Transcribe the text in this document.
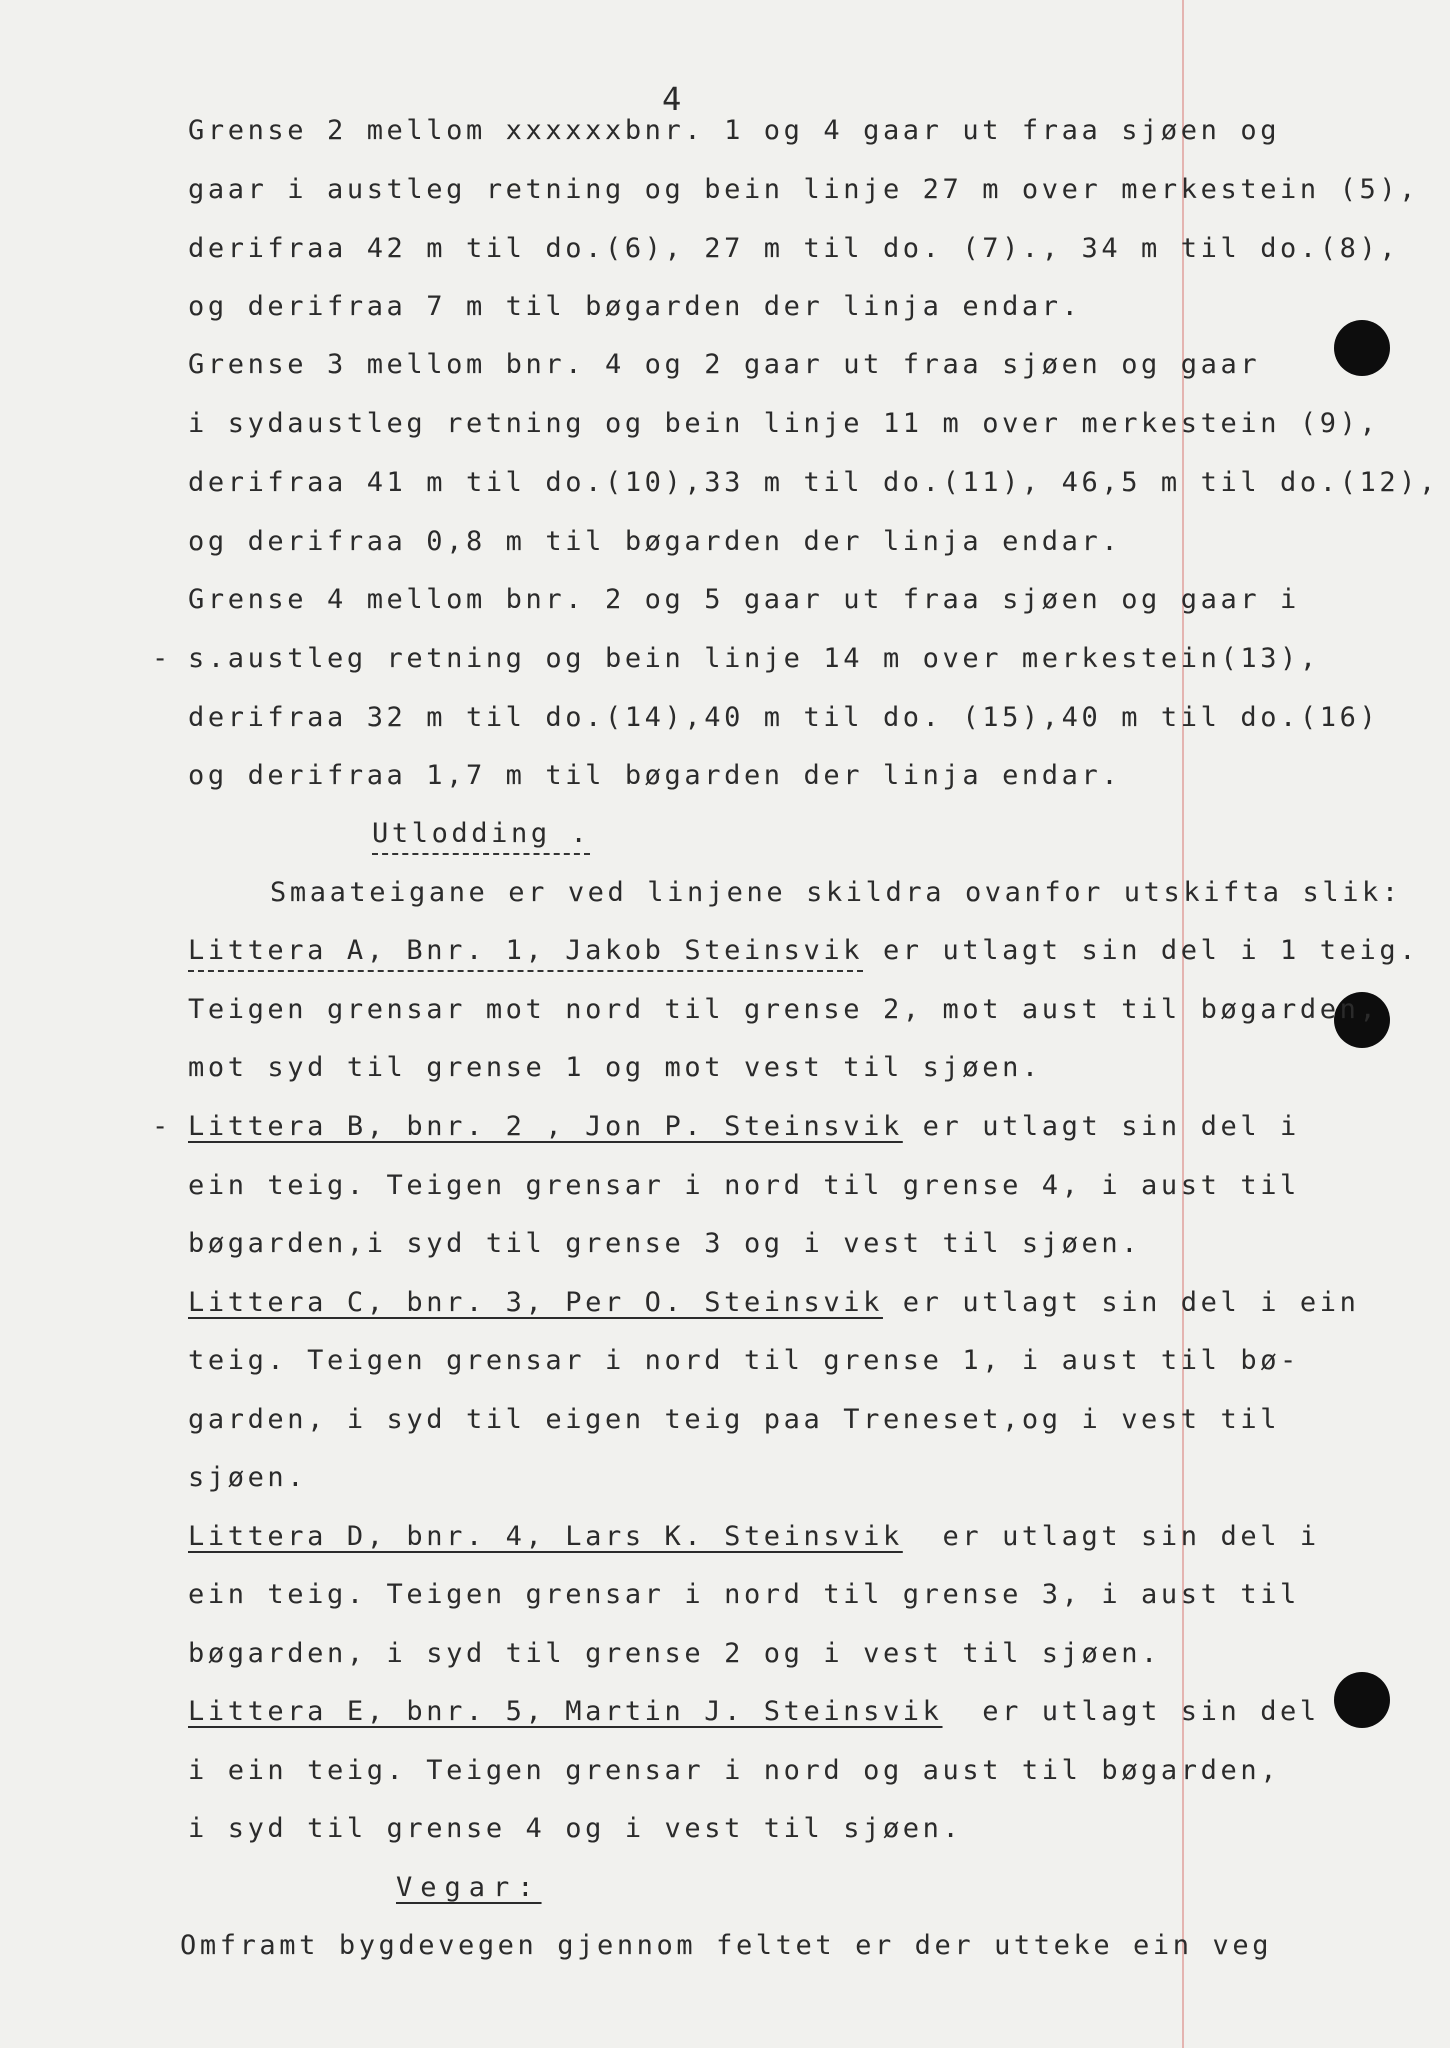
4
Grense 2 mellom xxxxxxbnr. 1 og 4 gaar ut fraa sjøen og
gaar i austleg retning og bein linje 27 m over merkestein (5),
derifraa 42 m til do.(6), 27 m til do. (7)., 34 m til do.(8),
og derifraa 7 m til bøgarden der linja endar.
Grense 3 mellom bnr. 4 og 2 gaar ut fraa sjøen og gaar
i sydaustleg retning og bein linje 11 m over merkestein (9),
derifraa 41 m til do.(10),33 m til do.(11), 46,5 m til do.(12),
og derifraa 0,8 m til bøgarden der linja endar.
Grense 4 mellom bnr. 2 og 5 gaar ut fraa sjøen og gaar i
- s.austleg retning og bein linje 14 m over merkestein(13),
derifraa 32 m til do.(14),40 m til do. (15),40 m til do.(16)
og derifraa 1,7 m til bøgarden der linja endar.
Utlodding .
Smaateigane er ved linjene skildra ovanfor utskifta slik:
Littera A, Bnr. 1, Jakob Steinsvik er utlagt sin del i 1 teig.
Teigen grensar mot nord til grense 2, mot aust til bøgarden,
mot syd til grense 1 og mot vest til sjøen.
- Littera B, bnr. 2 , Jon P. Steinsvik er utlagt sin del i
ein teig. Teigen grensar i nord til grense 4, i aust til
bøgarden,i syd til grense 3 og i vest til sjøen.
Littera C, bnr. 3, Per O. Steinsvik er utlagt sin del i ein
teig. Teigen grensar i nord til grense 1, i aust til bø-
garden, i syd til eigen teig paa Treneset,og i vest til
sjøen.
Littera D, bnr. 4, Lars K. Steinsvik  er utlagt sin del i
ein teig. Teigen grensar i nord til grense 3, i aust til
bøgarden, i syd til grense 2 og i vest til sjøen.
Littera E, bnr. 5, Martin J. Steinsvik  er utlagt sin del
i ein teig. Teigen grensar i nord og aust til bøgarden,
i syd til grense 4 og i vest til sjøen.
Vegar:
Omframt bygdevegen gjennom feltet er der utteke ein veg
